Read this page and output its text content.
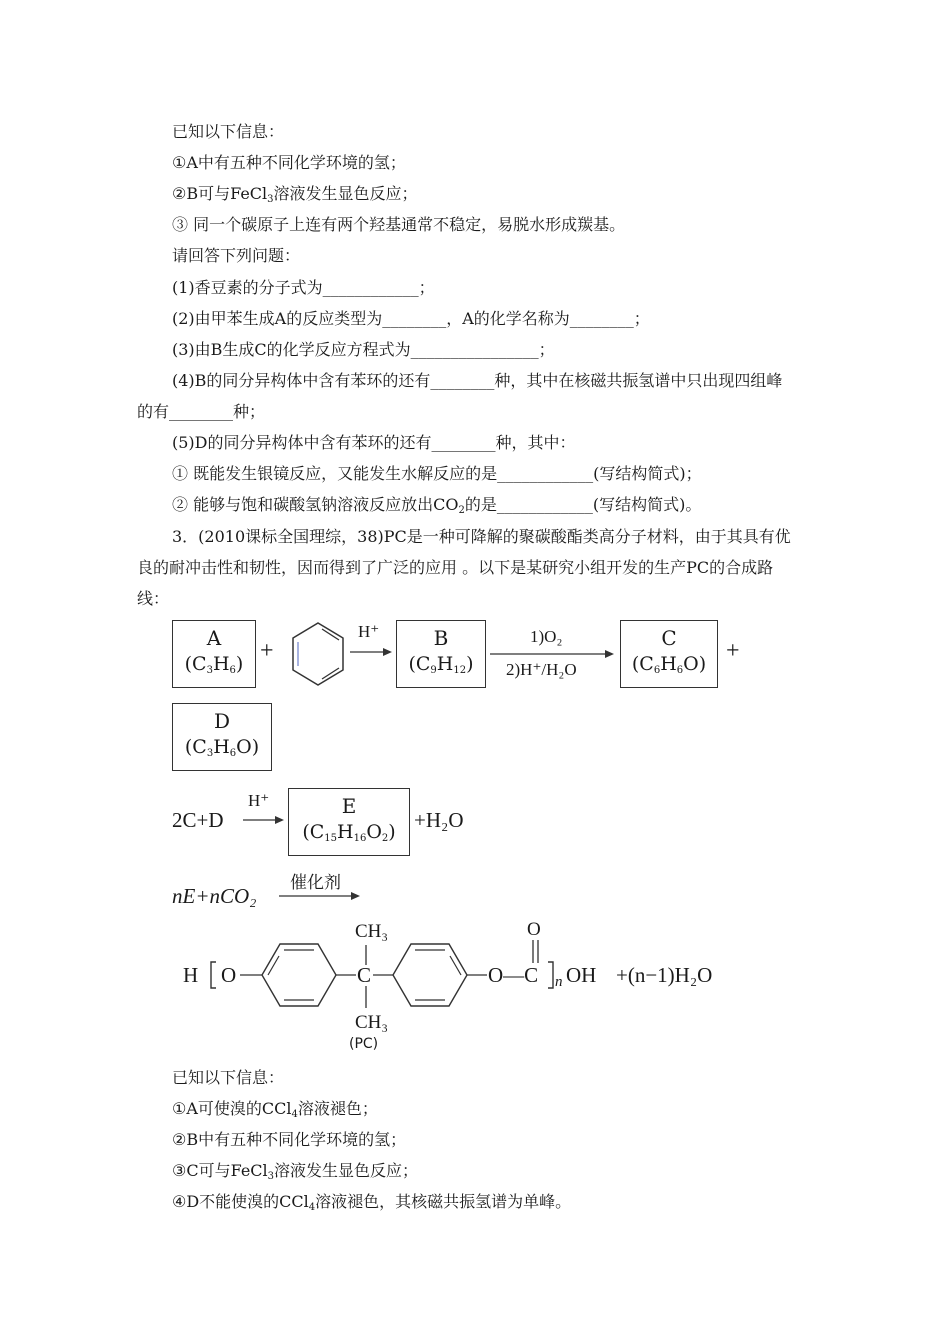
已知以下信息：
①A中有五种不同化学环境的氢；
②B可与FeCl$_3$溶液发生显色反应；
③ 同一个碳原子上连有两个羟基通常不稳定，易脱水形成羰基。
请回答下列问题：
(1)香豆素的分子式为____________；
(2)由甲苯生成A的反应类型为________，A的化学名称为________；
(3)由B生成C的化学反应方程式为________________；
(4)B的同分异构体中含有苯环的还有________种，其中在核磁共振氢谱中只出现四组峰
的有________种；
(5)D的同分异构体中含有苯环的还有________种，其中：
① 既能发生银镜反应，又能发生水解反应的是____________(写结构简式)；
② 能够与饱和碳酸氢钠溶液反应放出$CO_2$的是____________(写结构简式)。
3．(2010课标全国理综，38)PC是一种可降解的聚碳酸酯类高分子材料，由于其具有优
良的耐冲击性和韧性，因而得到了广泛的应用 。以下是某研究小组开发的生产PC的合成路
线：
A
$(C_3H_6)$ +
H⁺	B
$(C_9H_{12})$
1)O₂
2)H⁺/H₂O
C
$(C_6H_6O)$ +
D
$(C_3H_6O)$
2C+D
H⁺	E
$(C_{15}H_{16}O_2) +H_2O$
nE+nCO₂
催化剂
H O	C
CH₃
CH₃
O—C
O
n OH +(n−1)H₂O
(PC)
已知以下信息：
①A可使溴的CCl$_4$溶液褪色；
②B中有五种不同化学环境的氢；
③C可与FeCl$_3$溶液发生显色反应；
④D不能使溴的CCl$_4$溶液褪色，其核磁共振氢谱为单峰。
